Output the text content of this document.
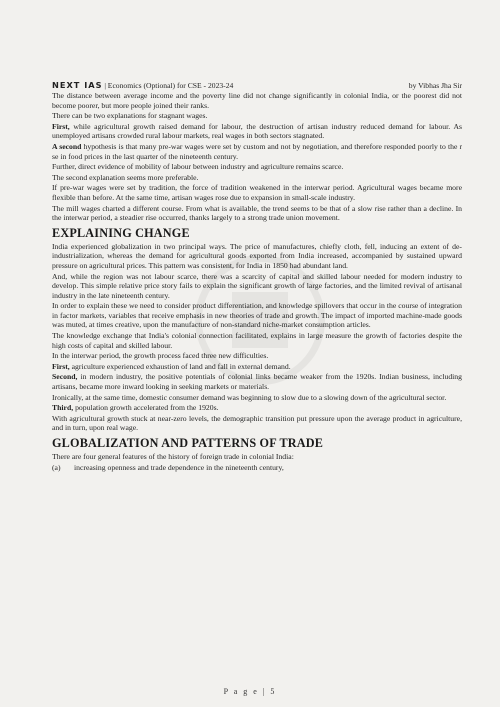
NEXT IAS | Economics (Optional) for CSE - 2023-24	by Vibhas Jha Sir

The distance between average income and the poverty line did not change significantly in colonial India, or the poorest did not become poorer, but more people joined their ranks.

There can be two explanations for stagnant wages.

First, while agricultural growth raised demand for labour, the destruction of artisan industry reduced demand for labour. As unemployed artisans crowded rural labour markets, real wages in both sectors stagnated.

A second hypothesis is that many pre-war wages were set by custom and not by negotiation, and therefore responded poorly to the r se in food prices in the last quarter of the nineteenth century.

Further, direct evidence of mobility of labour between industry and agriculture remains scarce.

The second explanation seems more preferable.

If pre-war wages were set by tradition, the force of tradition weakened in the interwar period. Agricultural wages became more flexible than before. At the same time, artisan wages rose due to expansion in small-scale industry.

The mill wages charted a different course. From what is available, the trend seems to be that of a slow rise rather than a decline. In the interwar period, a steadier rise occurred, thanks largely to a strong trade union movement.

EXPLAINING CHANGE

India experienced globalization in two principal ways. The price of manufactures, chiefly cloth, fell, inducing an extent of de-industrialization, whereas the demand for agricultural goods exported from India increased, accompanied by sustained upward pressure on agricultural prices. This pattern was consistent, for India in 1850 had abundant land.

And, while the region was not labour scarce, there was a scarcity of capital and skilled labour needed for modern industry to develop. This simple relative price story fails to explain the significant growth of large factories, and the limited revival of artisanal industry in the late nineteenth century.

In order to explain these we need to consider product differentiation, and knowledge spillovers that occur in the course of integration in factor markets, variables that receive emphasis in new theories of trade and growth. The impact of imported machine-made goods was muted, at times creative, upon the manufacture of non-standard niche-market consumption articles.

The knowledge exchange that India's colonial connection facilitated, explains in large measure the growth of factories despite the high costs of capital and skilled labour.

In the interwar period, the growth process faced three new difficulties.

First, agriculture experienced exhaustion of land and fall in external demand.

Second, in modern industry, the positive potentials of colonial links became weaker from the 1920s. Indian business, including artisans, became more inward looking in seeking markets or materials.

Ironically, at the same time, domestic consumer demand was beginning to slow due to a slowing down of the agricultural sector.

Third, population growth accelerated from the 1920s.

With agricultural growth stuck at near-zero levels, the demographic transition put pressure upon the average product in agriculture, and in turn, upon real wage.

GLOBALIZATION AND PATTERNS OF TRADE

There are four general features of the history of foreign trade in colonial India:

(a)	increasing openness and trade dependence in the nineteenth century,
P a g e | 5
